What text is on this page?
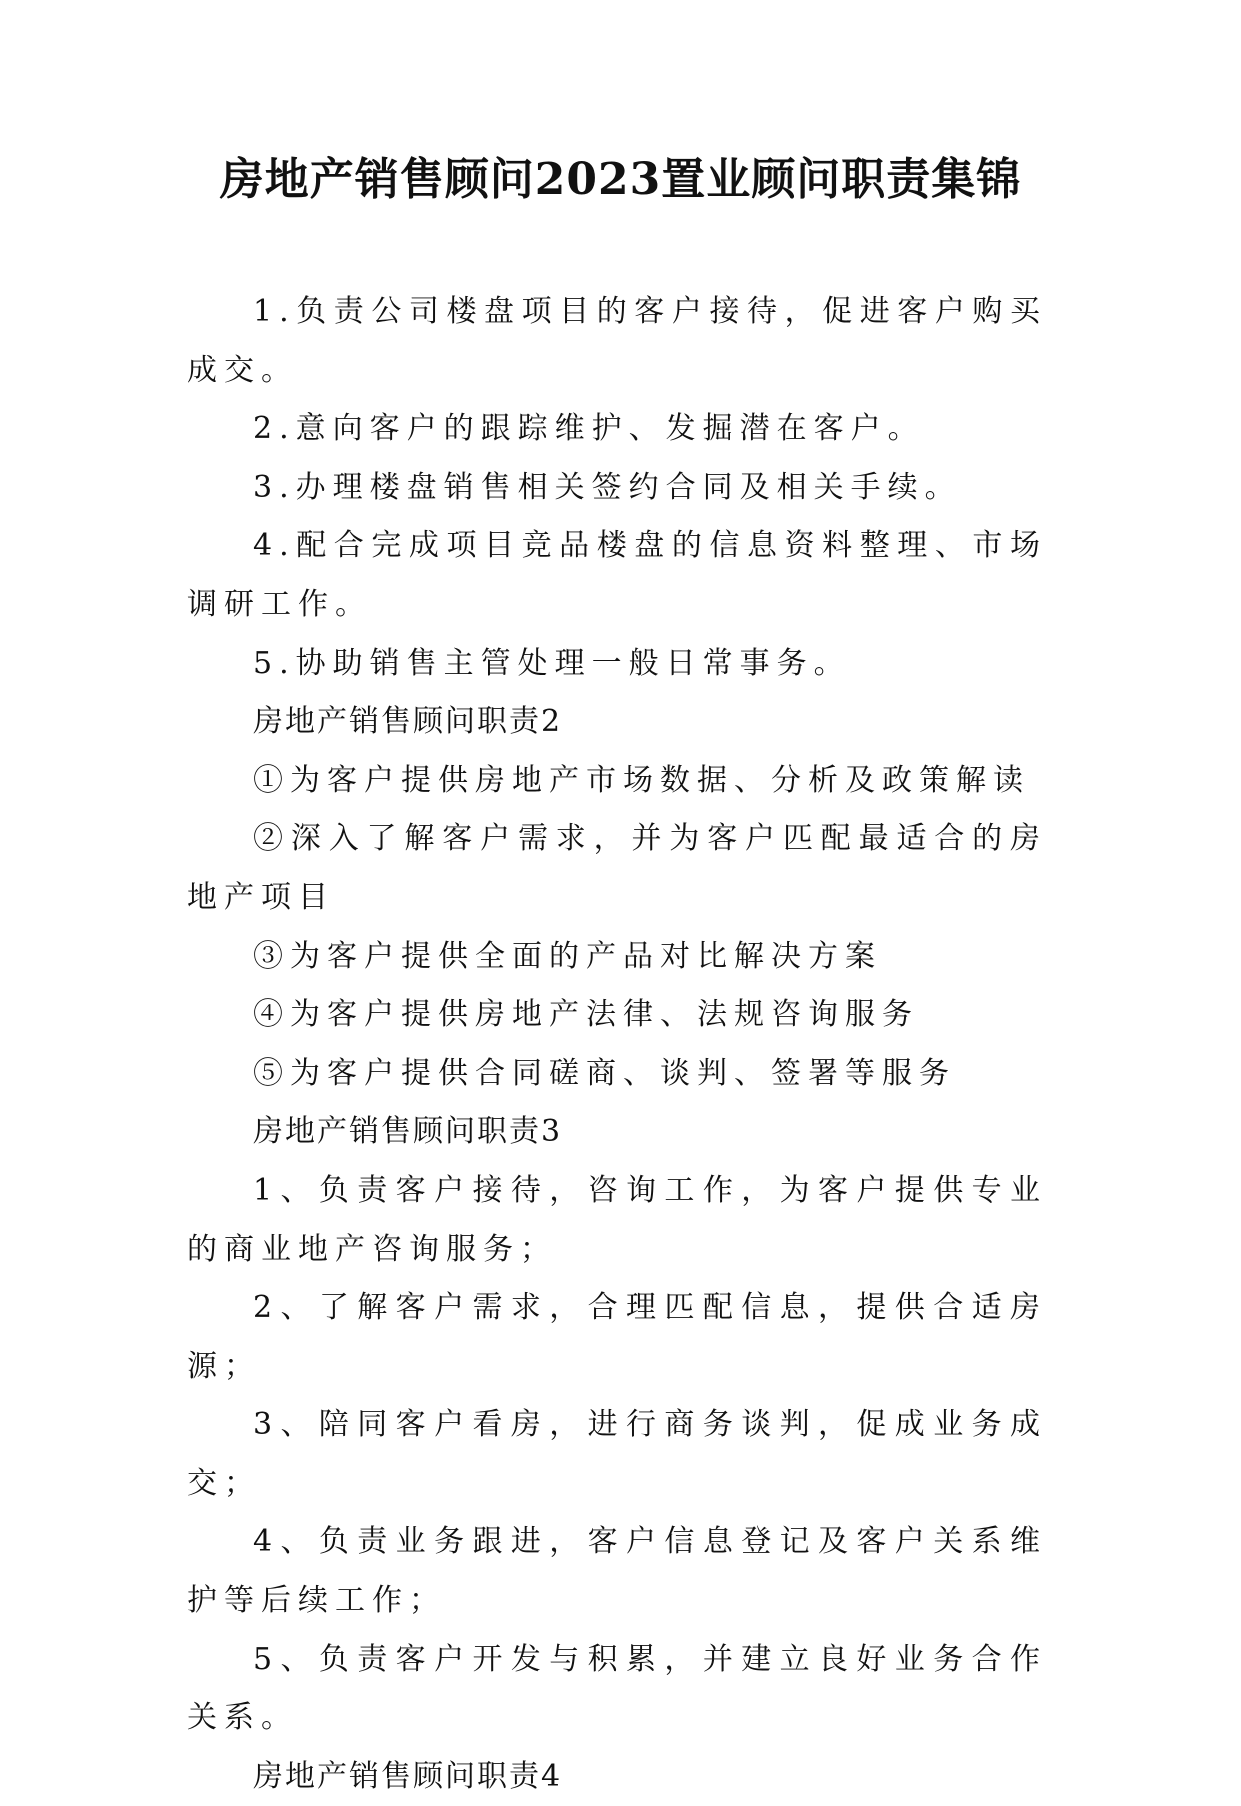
房地产销售顾问2023置业顾问职责集锦

1.负责公司楼盘项目的客户接待，促进客户购买成交。

2.意向客户的跟踪维护、发掘潜在客户。

3.办理楼盘销售相关签约合同及相关手续。

4.配合完成项目竞品楼盘的信息资料整理、市场调研工作。

5.协助销售主管处理一般日常事务。

房地产销售顾问职责2

①为客户提供房地产市场数据、分析及政策解读

②深入了解客户需求，并为客户匹配最适合的房地产项目

③为客户提供全面的产品对比解决方案

④为客户提供房地产法律、法规咨询服务

⑤为客户提供合同磋商、谈判、签署等服务

房地产销售顾问职责3

1、负责客户接待，咨询工作，为客户提供专业的商业地产咨询服务；

2、了解客户需求，合理匹配信息，提供合适房源；

3、陪同客户看房，进行商务谈判，促成业务成交；

4、负责业务跟进，客户信息登记及客户关系维护等后续工作；

5、负责客户开发与积累，并建立良好业务合作关系。

房地产销售顾问职责4
